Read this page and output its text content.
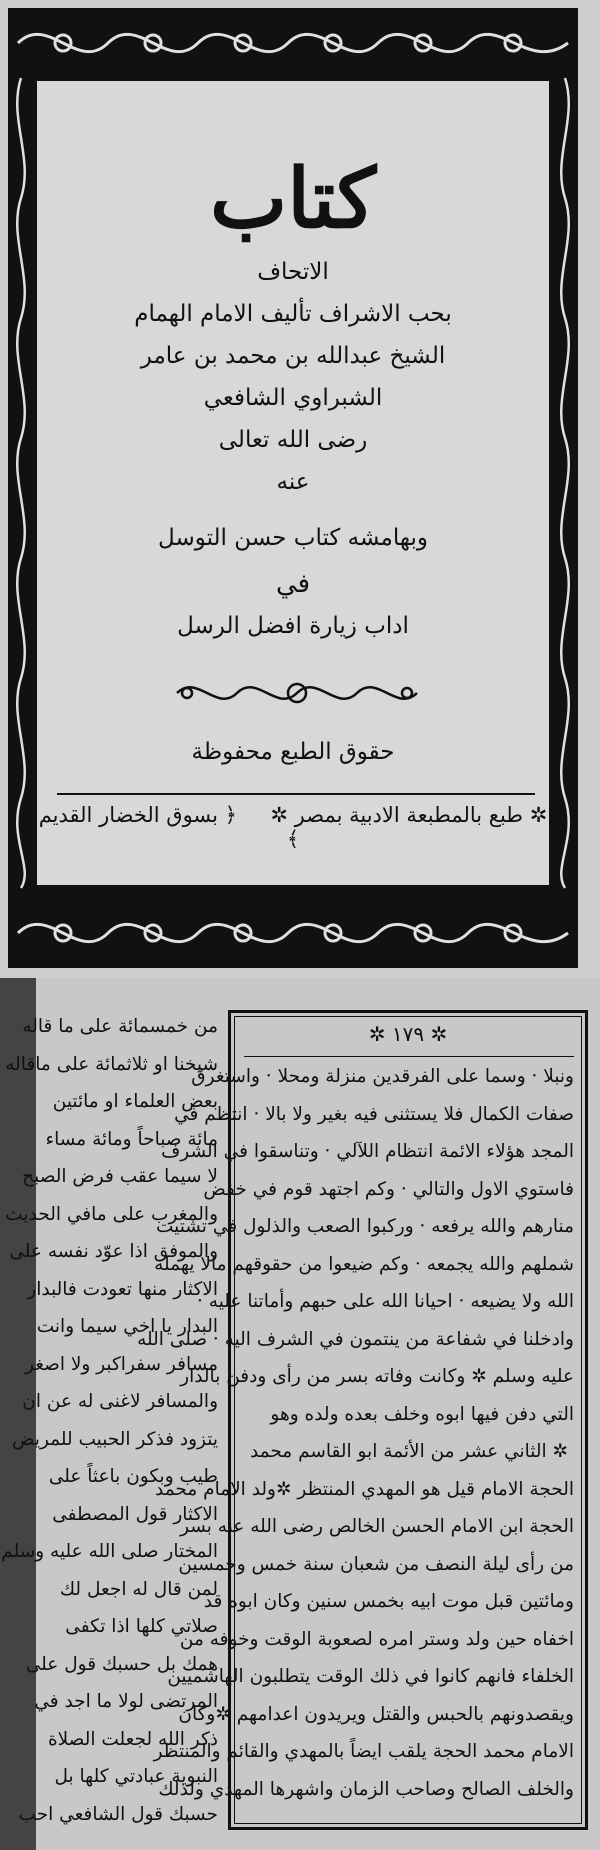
كتاب
الاتحاف
بحب الاشراف تأليف الامام الهمام
الشيخ عبدالله بن محمد بن عامر
الشبراوي الشافعي
رضى الله تعالى
عنه
وبهامشه كتاب حسن التوسل
في
اداب زيارة افضل الرسل
حقوق الطبع محفوظة
✲ طبع بالمطبعة الادبية بمصر ✲     ﴿ بسوق الخضار القديم ﴾
من خمسمائة على ما قاله
شيخنا او ثلاثمائة على ماقاله
بعض العلماء او مائتين
مائة صباحاً ومائة مساء
لا سيما عقب فرض الصبح
والمغرب على مافي الحديث
والموفق اذا عوّد نفسه على
الاكثار منها تعودت فالبدار
البدار يا اخي سيما وانت
مسافر سفراكبر ولا اصغر
والمسافر لاغنى له عن ان
يتزود فذكر الحبيب للمريض
طيب وبكون باعثاً على
الاكثار قول المصطفى
المختار صلى الله عليه وسلم
لمن قال له اجعل لك
صلاتي كلها اذا تكفى
همك بل حسبك قول على
المرتضى لولا ما اجد في
ذكر الله لجعلت الصلاة
النبوية عبادتي كلها بل
حسبك قول الشافعي احب
✲ ١٧٩ ✲
ونبلا · وسما على الفرقدين منزلة ومحلا · واستغرق
صفات الكمال فلا يستثنى فيه بغير ولا بالا · انتظم في
المجد هؤلاء الائمة انتظام اللآلي · وتناسقوا في الشرف
فاستوي الاول والتالي · وكم اجتهد قوم في خفض
منارهم والله يرفعه · وركبوا الصعب والذلول في تشتيت
شملهم والله يجمعه · وكم ضيعوا من حقوقهم مالا يهمله
الله ولا يضيعه · احيانا الله على حبهم وأماتنا عليه ·
وادخلنا في شفاعة من ينتمون في الشرف اليه · صلى الله
عليه وسلم ✲ وكانت وفاته بسر من رأى ودفن بالدار
التي دفن فيها ابوه وخلف بعده ولده وهو
✲ الثاني عشر من الأئمة ابو القاسم محمد
الحجة الامام قيل هو المهدي المنتظر ✲ولد الامام محمد
الحجة ابن الامام الحسن الخالص رضى الله عنه بسر
من رأى ليلة النصف من شعبان سنة خمس وخمسين
ومائتين قبل موت ابيه بخمس سنين وكان ابوه قد
اخفاه حين ولد وستر امره لصعوبة الوقت وخوفه من
الخلفاء فانهم كانوا في ذلك الوقت يتطلبون الهاشميين
ويقصدونهم بالحبس والقتل ويريدون اعدامهم ✲وكان
الامام محمد الحجة يلقب ايضاً بالمهدي والقائم والمنتظر
والخلف الصالح وصاحب الزمان واشهرها المهدي ولذلك
